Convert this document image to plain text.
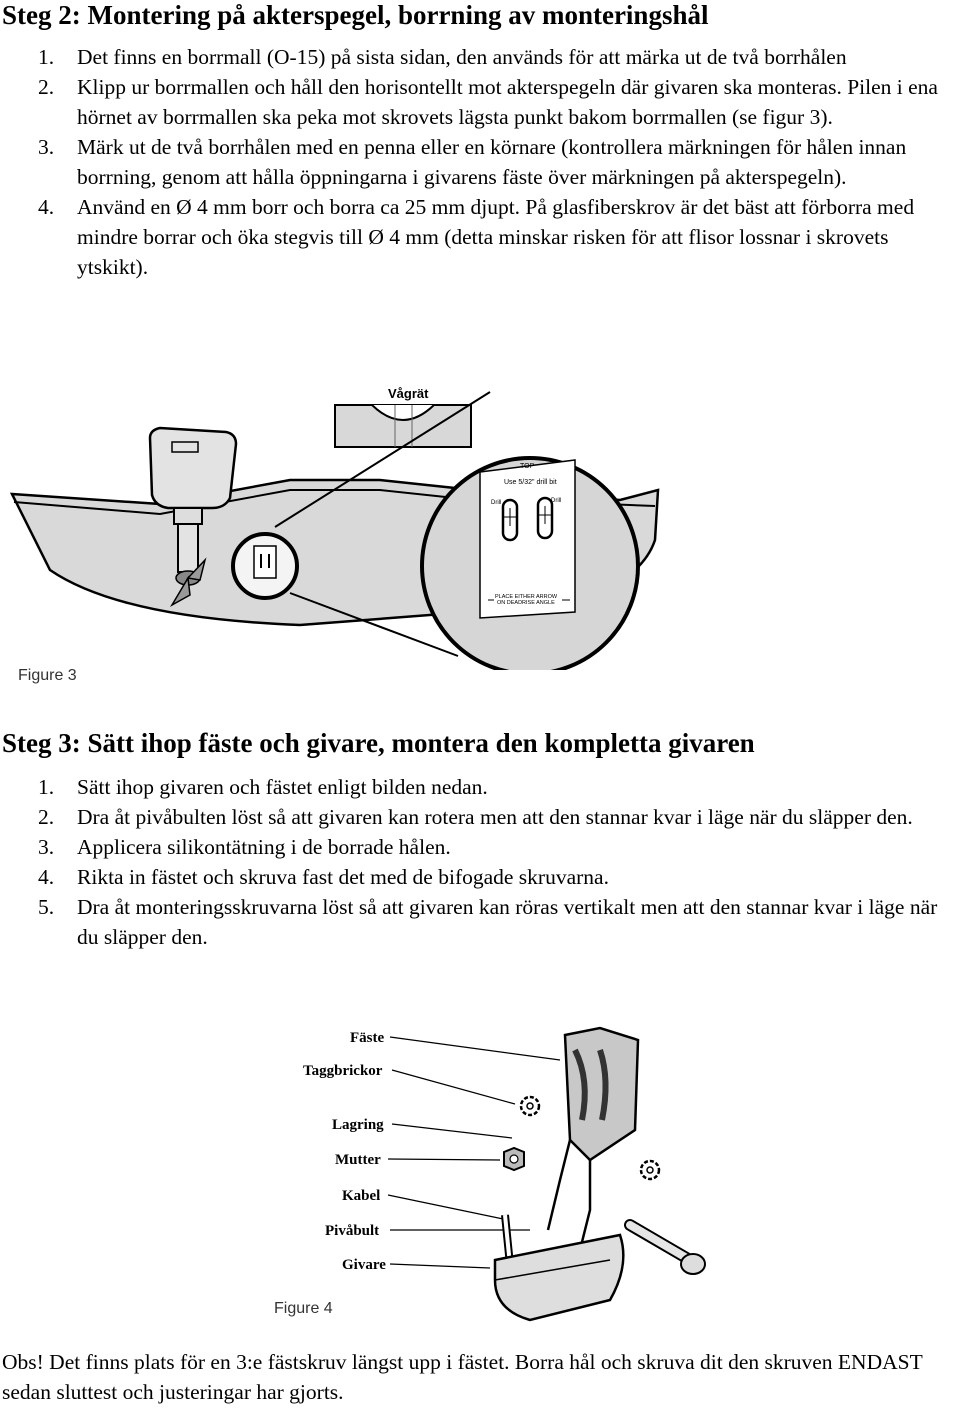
Steg 2: Montering på akterspegel, borrning av monteringshål
1. Det finns en borrmall (O-15) på sista sidan, den används för att märka ut de två borrhålen
2. Klipp ur borrmallen och håll den horisontellt mot akterspegeln där givaren ska monteras. Pilen i ena hörnet av borrmallen ska peka mot skrovets lägsta punkt bakom borrmallen (se figur 3).
3. Märk ut de två borrhålen med en penna eller en körnare (kontrollera märkningen för hålen innan borrning, genom att hålla öppningarna i givarens fäste över märkningen på akterspegeln).
4. Använd en Ø 4 mm borr och borra ca 25 mm djupt. På glasfiberskrov är det bäst att förborra med mindre borrar och öka stegvis till Ø 4 mm (detta minskar risken för att flisor lossnar i skrovets ytskikt).
Vågrät
TOP
Use 5/32" drill bit
Drill	Drill
PLACE EITHER ARROW
ON DEADRISE ANGLE
Figure 3
Steg 3: Sätt ihop fäste och givare, montera den kompletta givaren
1. Sätt ihop givaren och fästet enligt bilden nedan.
2. Dra åt pivåbulten löst så att givaren kan rotera men att den stannar kvar i läge när du släpper den.
3. Applicera silikontätning i de borrade hålen.
4. Rikta in fästet och skruva fast det med de bifogade skruvarna.
5. Dra åt monteringsskruvarna löst så att givaren kan röras vertikalt men att den stannar kvar i läge när du släpper den.
Fäste
Taggbrickor
Lagring
Mutter
Kabel
Pivåbult
Givare
Figure 4

Obs! Det finns plats för en 3:e fästskruv längst upp i fästet. Borra hål och skruva dit den skruven ENDAST sedan sluttest och justeringar har gjorts.
